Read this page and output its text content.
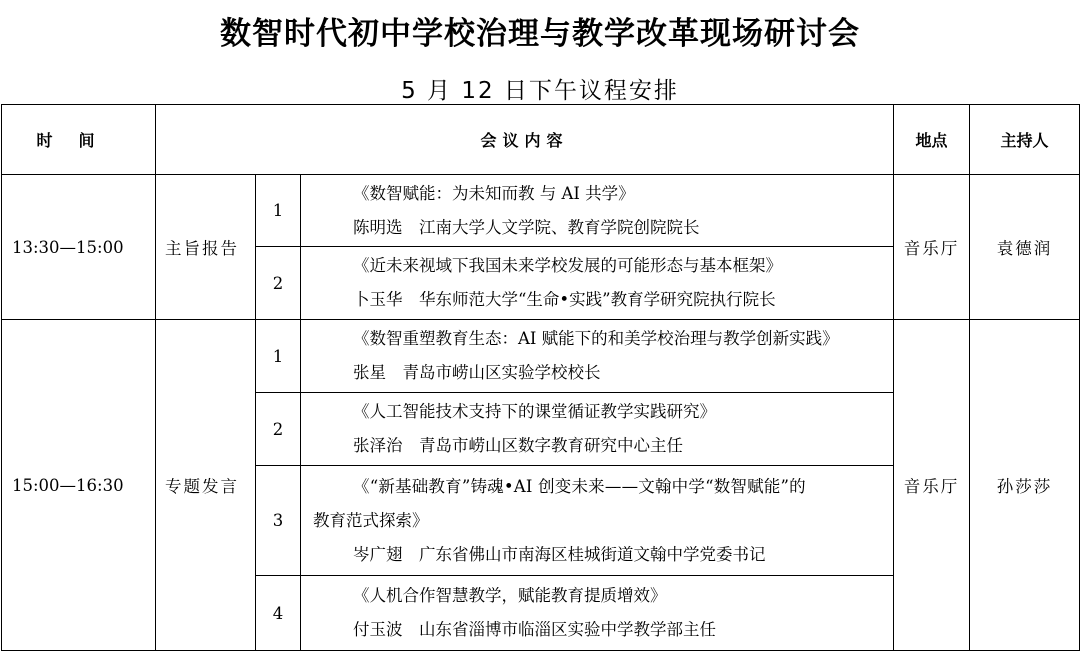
数智时代初中学校治理与教学改革现场研讨会
5 月 12 日下午议程安排
时间	会议内容			地点	主持人
13:30—15:00	主旨报告	1	《数智赋能：为未知而教 与 AI 共学》
陈明选　江南大学人文学院、教育学院创院院长	音乐厅	袁德润
		2	《近未来视域下我国未来学校发展的可能形态与基本框架》
卜玉华　华东师范大学“生命•实践”教育学研究院执行院长		

15:00—16:30	专题发言	1	《数智重塑教育生态：AI 赋能下的和美学校治理与教学创新实践》
张星　青岛市崂山区实验学校校长	音乐厅	孙莎莎
		2	《人工智能技术支持下的课堂循证教学实践研究》
张泽治　青岛市崂山区数字教育研究中心主任		

		3	《“新基础教育”铸魂•AI 创变未来——文翰中学“数智赋能”的
教育范式探索》
岑广翅　广东省佛山市南海区桂城街道文翰中学党委书记		

		4	《人机合作智慧教学，赋能教育提质增效》
付玉波　山东省淄博市临淄区实验中学教学部主任		
